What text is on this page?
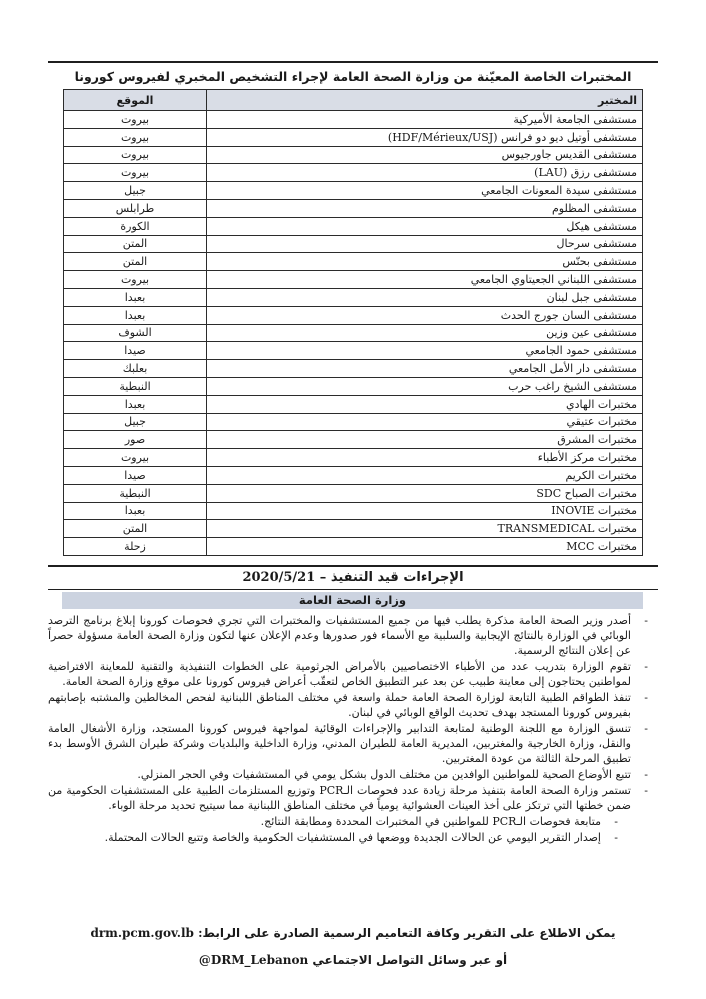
المختبرات الخاصة المعيّنة من وزارة الصحة العامة لإجراء التشخيص المخبري لفيروس كورونا
المختبر	الموقع
مستشفى الجامعة الأميركية	بيروت
مستشفى أوتيل ديو دو فرانس (HDF/Mérieux/USJ)	بيروت
مستشفى القديس جاورجيوس	بيروت
مستشفى رزق (LAU)	بيروت
مستشفى سيدة المعونات الجامعي	جبيل
مستشفى المظلوم	طرابلس
مستشفى هيكل	الكورة
مستشفى سرحال	المتن
مستشفى بحنّس	المتن
مستشفى اللبناني الجعيتاوي الجامعي	بيروت
مستشفى جبل لبنان	بعبدا
مستشفى السان جورج الحدث	بعبدا
مستشفى عين وزين	الشوف
مستشفى حمود الجامعي	صيدا
مستشفى دار الأمل الجامعي	بعلبك
مستشفى الشيخ راغب حرب	النبطية
مختبرات الهادي	بعبدا
مختبرات عتيقي	جبيل
مختبرات المشرق	صور
مختبرات مركز الأطباء	بيروت
مختبرات الكريم	صيدا
مختبرات الصباح SDC	النبطية
مختبرات INOVIE	بعبدا
مختبرات TRANSMEDICAL	المتن
مختبرات MCC	زحلة
الإجراءات قيد التنفيذ – 2020/5/21
وزارة الصحة العامة
-
أصدر وزير الصحة العامة مذكرة يطلب فيها من جميع المستشفيات والمختبرات التي تجري فحوصات كورونا إبلاغ برنامج الترصد الوبائي في الوزارة بالنتائج الإيجابية والسلبية مع الأسماء فور صدورها وعدم الإعلان عنها لتكون وزارة الصحة العامة مسؤولة حصراً عن إعلان النتائج الرسمية.
-
تقوم الوزارة بتدريب عدد من الأطباء الاختصاصيين بالأمراض الجرثومية على الخطوات التنفيذية والتقنية للمعاينة الافتراضية لمواطنين يحتاجون إلى معاينة طبيب عن بعد عبر التطبيق الخاص لتعقّب أعراض فيروس كورونا على موقع وزارة الصحة العامة.
-
تنفذ الطواقم الطبية التابعة لوزارة الصحة العامة حملة واسعة في مختلف المناطق اللبنانية لفحص المخالطين والمشتبه بإصابتهم بفيروس كورونا المستجد بهدف تحديث الواقع الوبائي في لبنان.
-
تنسق الوزارة مع اللجنة الوطنية لمتابعة التدابير والإجراءات الوقائية لمواجهة فيروس كورونا المستجد، وزارة الأشغال العامة والنقل، وزارة الخارجية والمغتربين، المديرية العامة للطيران المدني، وزارة الداخلية والبلديات وشركة طيران الشرق الأوسط بدء تطبيق المرحلة الثالثة من عودة المغتربين.
-
تتبع الأوضاع الصحية للمواطنين الوافدين من مختلف الدول بشكل يومي في المستشفيات وفي الحجر المنزلي.
-
تستمر وزارة الصحة العامة بتنفيذ مرحلة زيادة عدد فحوصات الـPCR وتوزيع المستلزمات الطبية على المستشفيات الحكومية من ضمن خطتها التي ترتكز على أخذ العينات العشوائية يومياً في مختلف المناطق اللبنانية مما سيتيح تحديد مرحلة الوباء.
-
متابعة فحوصات الـPCR للمواطنين في المختبرات المحددة ومطابقة النتائج.
-
إصدار التقرير اليومي عن الحالات الجديدة ووضعها في المستشفيات الحكومية والخاصة وتتبع الحالات المحتملة.
يمكن الاطلاع على التقرير وكافة التعاميم الرسمية الصادرة على الرابط: drm.pcm.gov.lb
أو عبر وسائل التواصل الاجتماعي @DRM_Lebanon
